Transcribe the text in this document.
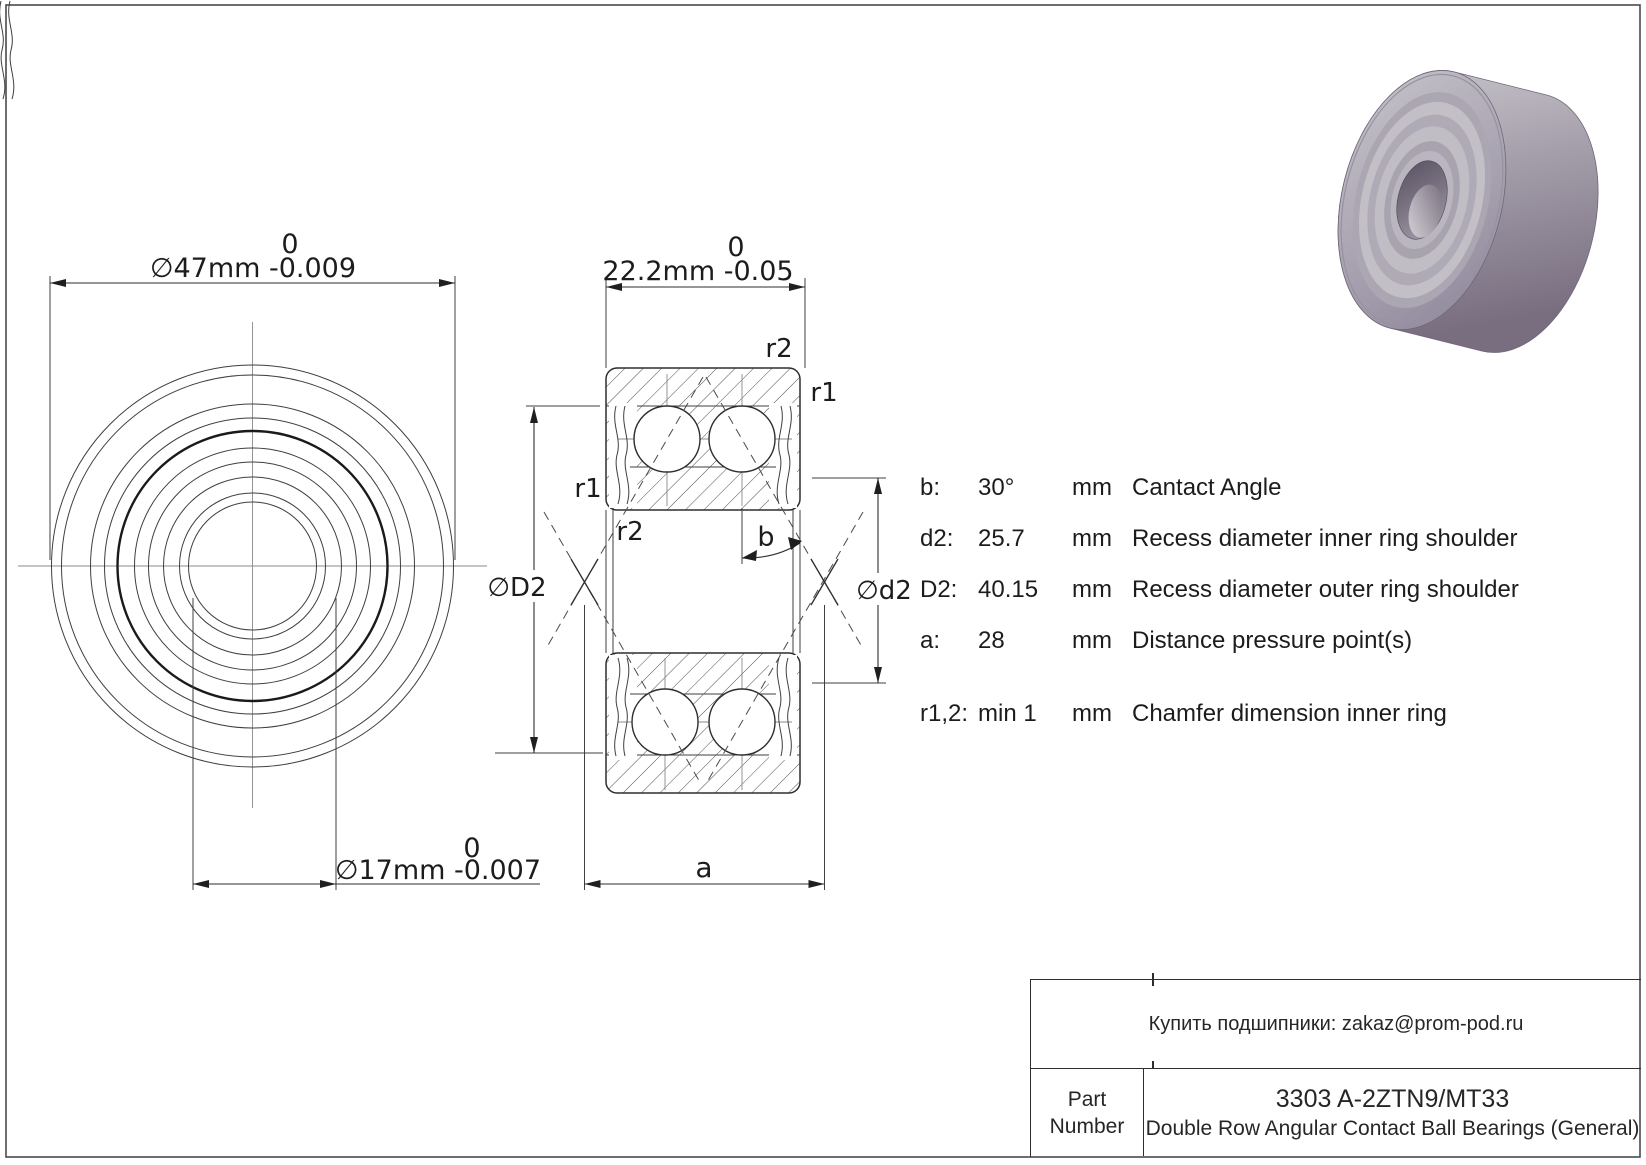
0
∅47mm -0.009
0
∅17mm -0.007
0
22.2mm -0.05
a
∅D2	∅d2
b
r2
r1
r1
r2
b: 30° mm Cantact Angle
d2: 25.7 mm Recess diameter inner ring shoulder
D2: 40.15 mm Recess diameter outer ring shoulder
a: 28	mm Distance pressure point(s)
r1,2: min 1 mm Chamfer dimension inner ring
Купить подшипники: zakaz@prom-pod.ru
Part
Number
3303 A-2ZTN9/MT33
Double Row Angular Contact Ball Bearings (General)
